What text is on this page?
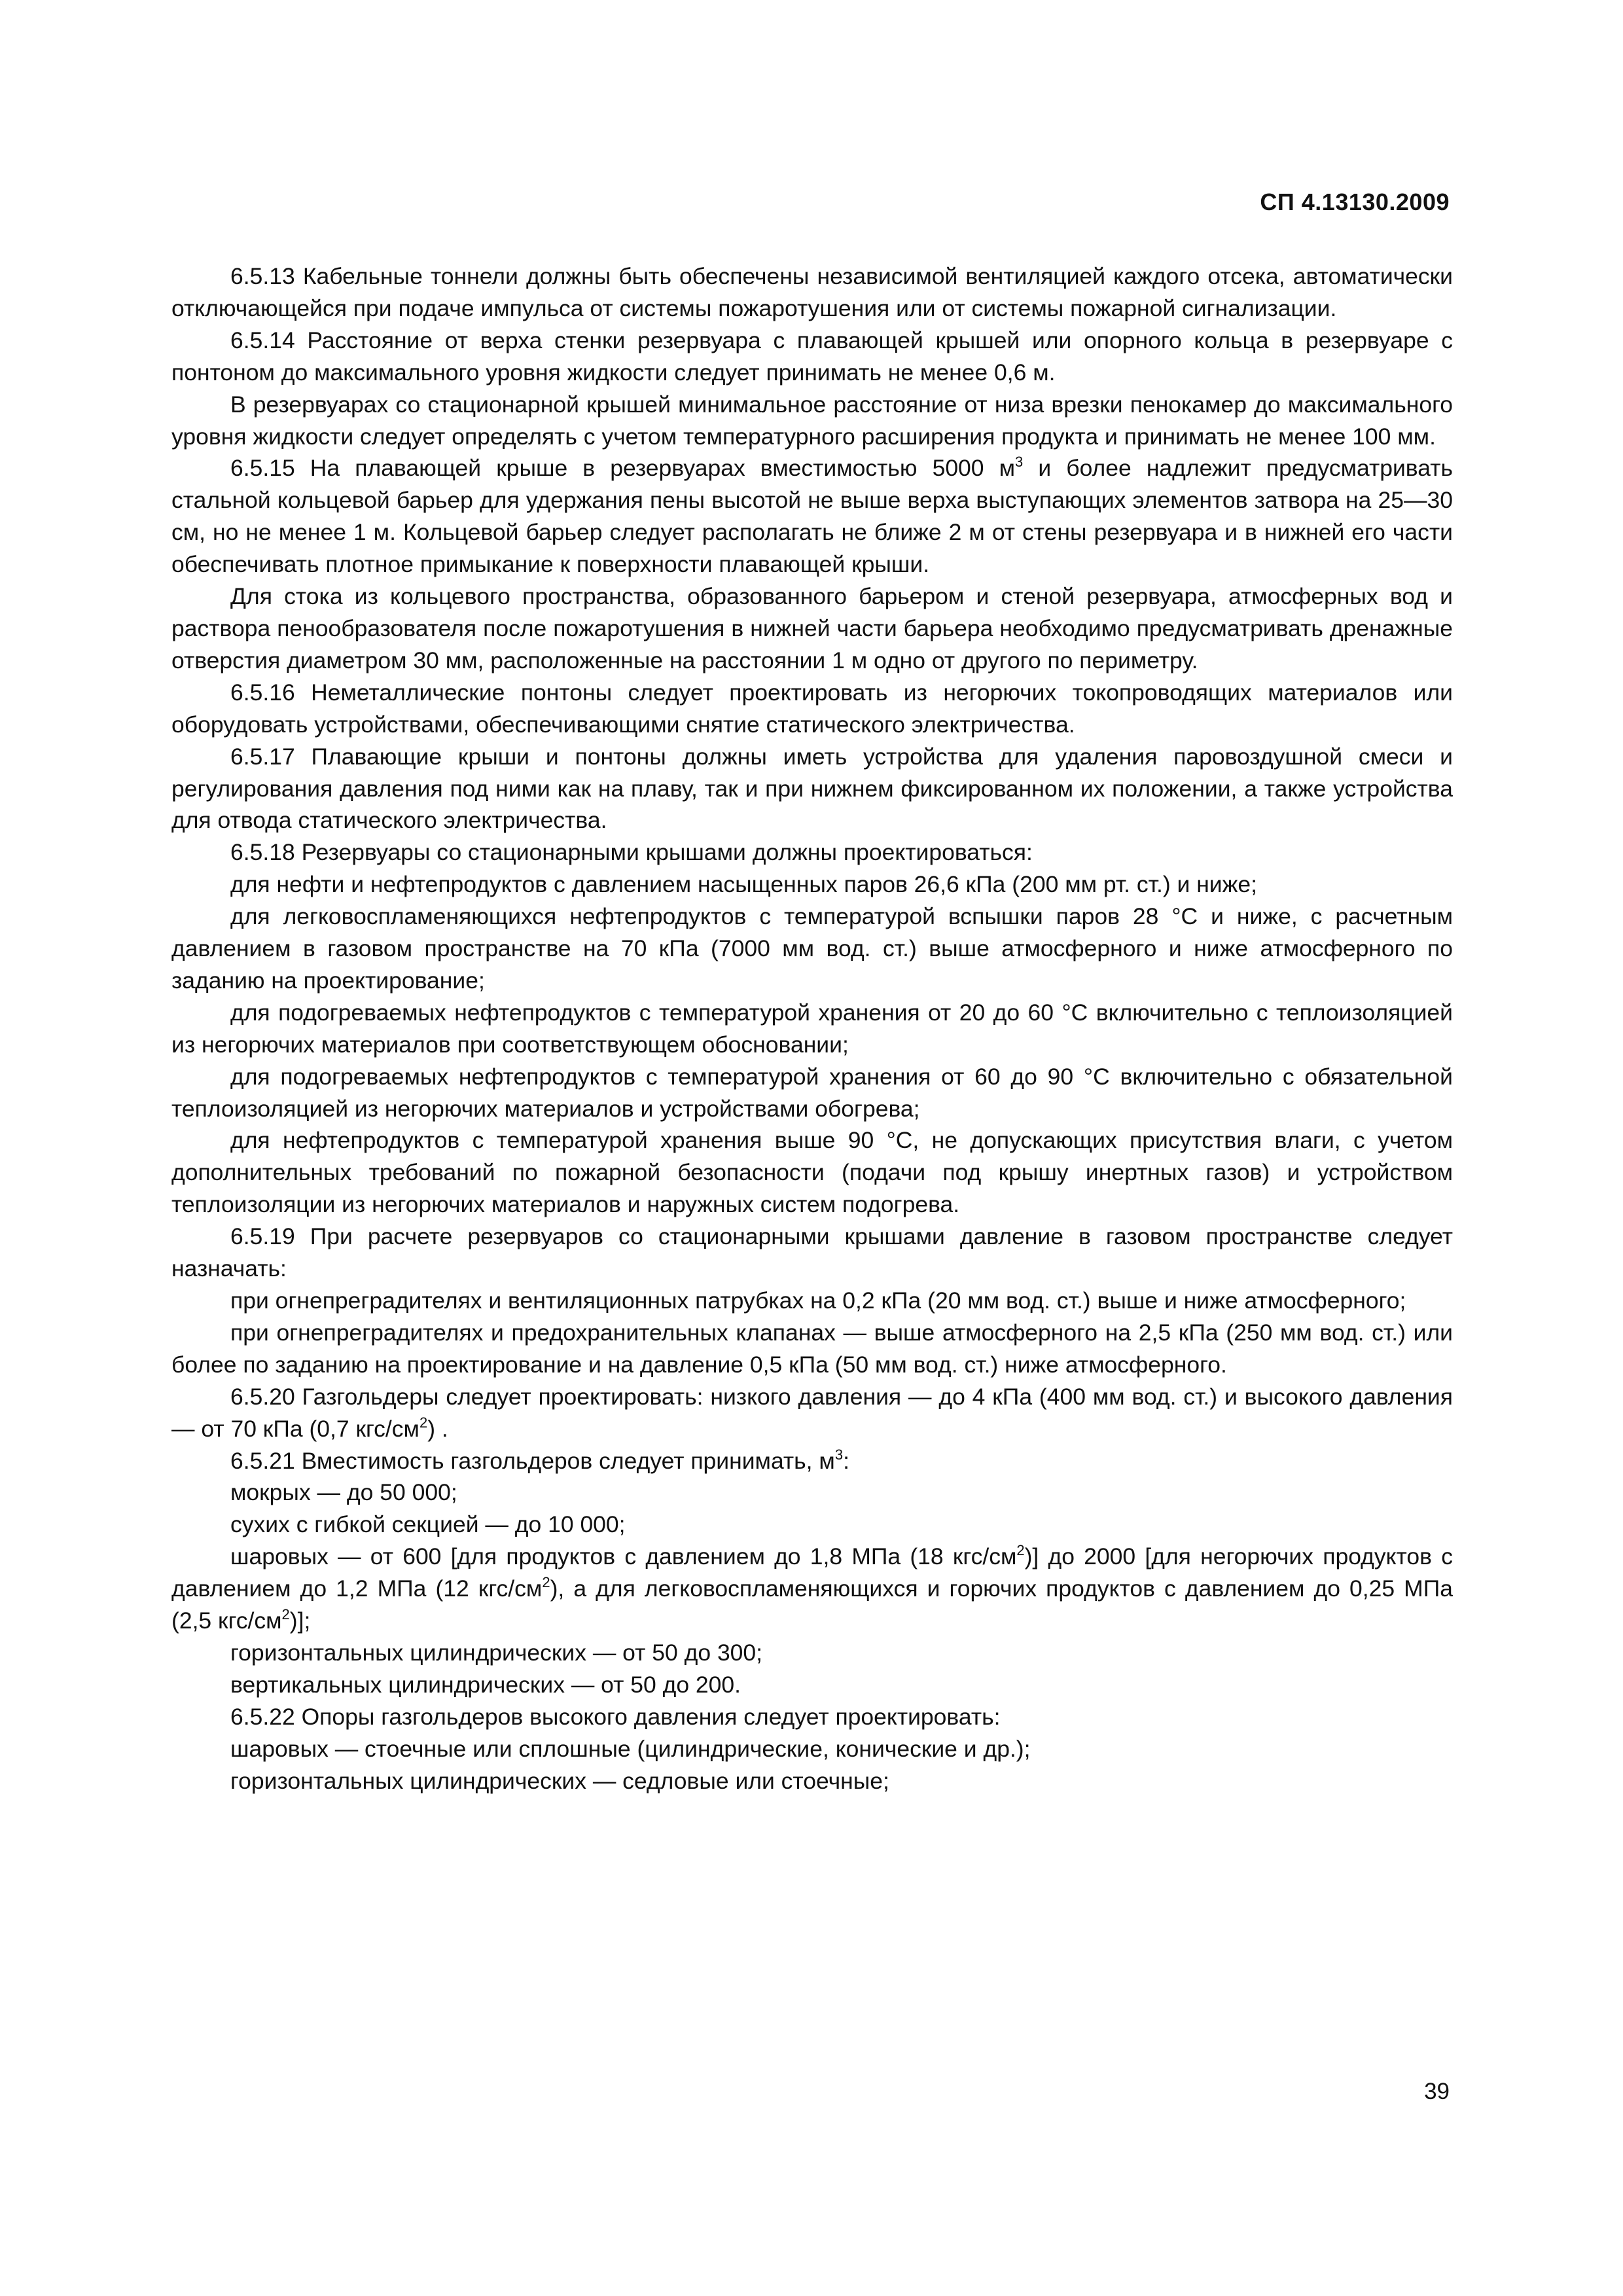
СП 4.13130.2009

6.5.13 Кабельные тоннели должны быть обеспечены независимой вентиляцией каждого отсека, автоматически отключающейся при подаче импульса от системы пожаротушения или от системы пожарной сигнализации.

6.5.14 Расстояние от верха стенки резервуара с плавающей крышей или опорного кольца в резервуаре с понтоном до максимального уровня жидкости следует принимать не менее 0,6 м.

В резервуарах со стационарной крышей минимальное расстояние от низа врезки пенокамер до максимального уровня жидкости следует определять с учетом температурного расширения продукта и принимать не менее 100 мм.

6.5.15 На плавающей крыше в резервуарах вместимостью 5000 $м^3$ и более надлежит предусматривать стальной кольцевой барьер для удержания пены высотой не выше верха выступающих элементов затвора на 25—30 см, но не менее 1 м. Кольцевой барьер следует располагать не ближе 2 м от стены резервуара и в нижней его части обеспечивать плотное примыкание к поверхности плавающей крыши.

Для стока из кольцевого пространства, образованного барьером и стеной резервуара, атмосферных вод и раствора пенообразователя после пожаротушения в нижней части барьера необходимо предусматривать дренажные отверстия диаметром 30 мм, расположенные на расстоянии 1 м одно от другого по периметру.

6.5.16 Неметаллические понтоны следует проектировать из негорючих токопроводящих материалов или оборудовать устройствами, обеспечивающими снятие статического электричества.

6.5.17 Плавающие крыши и понтоны должны иметь устройства для удаления паровоздушной смеси и регулирования давления под ними как на плаву, так и при нижнем фиксированном их положении, а также устройства для отвода статического электричества.

6.5.18 Резервуары со стационарными крышами должны проектироваться:

для нефти и нефтепродуктов с давлением насыщенных паров 26,6 кПа (200 мм рт. ст.) и ниже;

для легковоспламеняющихся нефтепродуктов с температурой вспышки паров 28 °С и ниже, с расчетным давлением в газовом пространстве на 70 кПа (7000 мм вод. ст.) выше атмосферного и ниже атмосферного по заданию на проектирование;

для подогреваемых нефтепродуктов с температурой хранения от 20 до 60 °С включительно с теплоизоляцией из негорючих материалов при соответствующем обосновании;

для подогреваемых нефтепродуктов с температурой хранения от 60 до 90 °С включительно с обязательной теплоизоляцией из негорючих материалов и устройствами обогрева;

для нефтепродуктов с температурой хранения выше 90 °С, не допускающих присутствия влаги, с учетом дополнительных требований по пожарной безопасности (подачи под крышу инертных газов) и устройством теплоизоляции из негорючих материалов и наружных систем подогрева.

6.5.19 При расчете резервуаров со стационарными крышами давление в газовом пространстве следует назначать:

при огнепреградителях и вентиляционных патрубках на 0,2 кПа (20 мм вод. ст.) выше и ниже атмосферного;

при огнепреградителях и предохранительных клапанах — выше атмосферного на 2,5 кПа (250 мм вод. ст.) или более по заданию на проектирование и на давление 0,5 кПа (50 мм вод. ст.) ниже атмосферного.

6.5.20 Газгольдеры следует проектировать: низкого давления — до 4 кПа (400 мм вод. ст.) и высокого давления — от 70 кПа (0,7 кгс/$см^2$) .

6.5.21 Вместимость газгольдеров следует принимать, $м^3$:

мокрых — до 50 000;

сухих с гибкой секцией — до 10 000;

шаровых — от 600 [для продуктов с давлением до 1,8 МПа (18 кгс/$см^2$)] до 2000 [для негорючих продуктов с давлением до 1,2 МПа (12 кгс/$см^2$), а для легковоспламеняющихся и горючих продуктов с давлением до 0,25 МПа (2,5 кгс/$см^2$)];

горизонтальных цилиндрических — от 50 до 300;

вертикальных цилиндрических — от 50 до 200.

6.5.22 Опоры газгольдеров высокого давления следует проектировать:

шаровых — стоечные или сплошные (цилиндрические, конические и др.);

горизонтальных цилиндрических — седловые или стоечные;

39
